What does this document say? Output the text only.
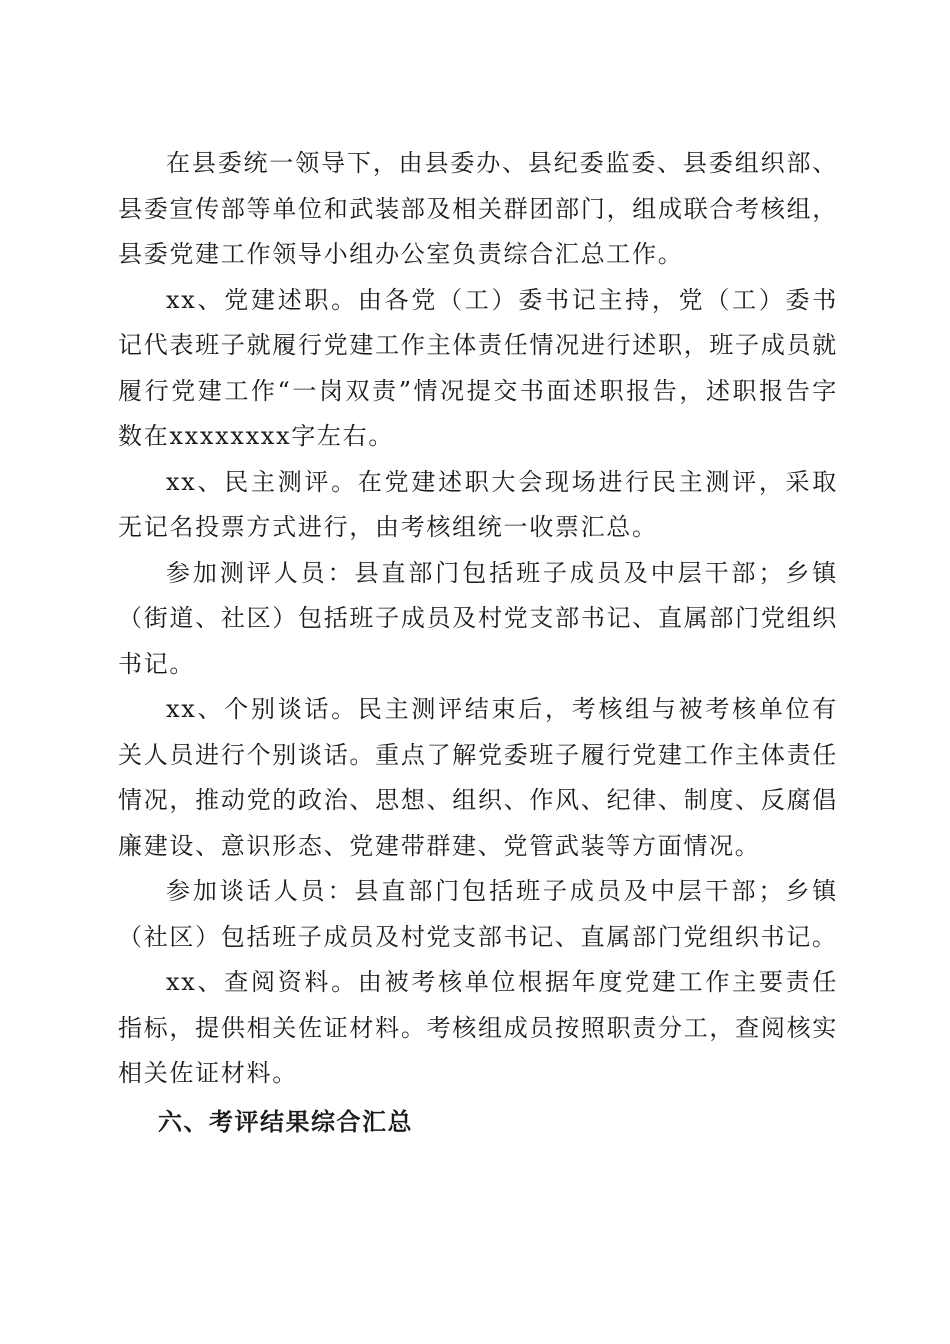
在县委统一领导下，由县委办、县纪委监委、县委组织部、县委宣传部等单位和武装部及相关群团部门，组成联合考核组，县委党建工作领导小组办公室负责综合汇总工作。

xx、党建述职。由各党（工）委书记主持，党（工）委书记代表班子就履行党建工作主体责任情况进行述职，班子成员就履行党建工作“一岗双责”情况提交书面述职报告，述职报告字数在xxxxxxxx字左右。

xx、民主测评。在党建述职大会现场进行民主测评，采取无记名投票方式进行，由考核组统一收票汇总。

参加测评人员：县直部门包括班子成员及中层干部；乡镇（街道、社区）包括班子成员及村党支部书记、直属部门党组织书记。

xx、个别谈话。民主测评结束后，考核组与被考核单位有关人员进行个别谈话。重点了解党委班子履行党建工作主体责任情况，推动党的政治、思想、组织、作风、纪律、制度、反腐倡廉建设、意识形态、党建带群建、党管武装等方面情况。

参加谈话人员：县直部门包括班子成员及中层干部；乡镇（社区）包括班子成员及村党支部书记、直属部门党组织书记。

xx、查阅资料。由被考核单位根据年度党建工作主要责任指标，提供相关佐证材料。考核组成员按照职责分工，查阅核实相关佐证材料。

六、考评结果综合汇总
